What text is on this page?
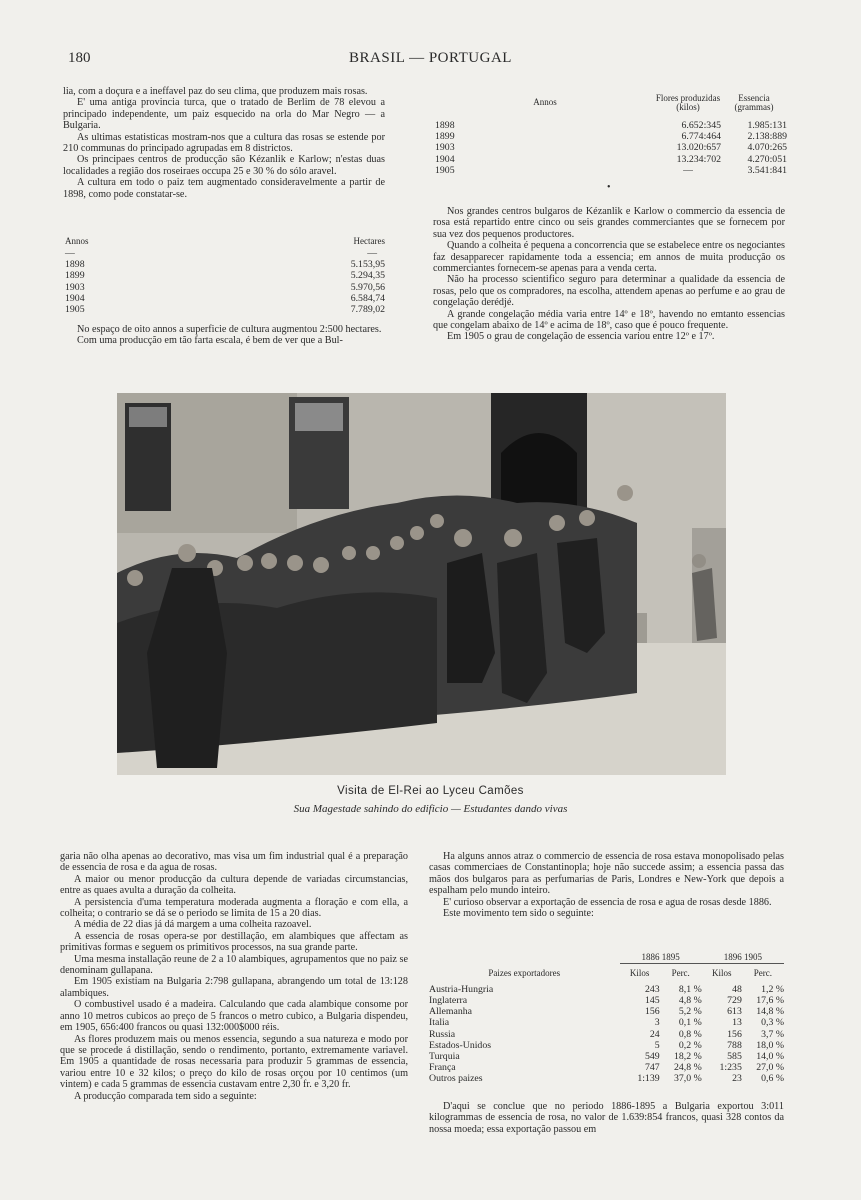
180	BRASIL — PORTUGAL

lia, com a doçura e a ineffavel paz do seu clima, que produzem mais rosas.

E' uma antiga provincia turca, que o tratado de Berlim de 78 elevou a principado independente, um paiz esquecido na orla do Mar Negro — a Bulgaria.

As ultimas estatisticas mostram-nos que a cultura das rosas se estende por 210 communas do principado agrupadas em 8 districtos.

Os principaes centros de producção são Kézanlik e Karlow; n'estas duas localidades a região dos roseiraes occupa 25 e 30 % do sólo aravel.

A cultura em todo o paiz tem augmentado consideravelmente a partir de 1898, como pode constatar-se.

Annos	Hectares
—	—
1898	5.153,95
1899	5.294,35
1903	5.970,56
1904	6.584,74
1905	7.789,02

No espaço de oito annos a superficie de cultura augmentou 2:500 hectares.

Com uma producção em tão farta escala, é bem de ver que a Bul-

Annos	Flores produzidas (kilos)	Essencia (grammas)
1898	6.652:345	1.985:131
1899	6.774:464	2.138:889
1903	13.020:657	4.070:265
1904	13.234:702	4.270:051
1905	—	3.541:841
•

Nos grandes centros bulgaros de Kézanlik e Karlow o commercio da essencia de rosa está repartido entre cinco ou seis grandes commerciantes que se fornecem por sua vez dos pequenos productores.

Quando a colheita é pequena a concorrencia que se estabelece entre os negociantes faz desapparecer rapidamente toda a essencia; em annos de muita producção os commerciantes fornecem-se apenas para a venda certa.

Não ha processo scientifico seguro para determinar a qualidade da essencia de rosas, pelo que os compradores, na escolha, attendem apenas ao perfume e ao grau de congelação derédjé.

A grande congelação média varia entre 14º e 18º, havendo no emtanto essencias que congelam abaixo de 14º e acima de 18º, caso que é pouco frequente.

Em 1905 o grau de congelação de essencia variou entre 12º e 17º.

Visita de El-Rei ao Lyceu Camões
Sua Magestade sahindo do edificio — Estudantes dando vivas

garia não olha apenas ao decorativo, mas visa um fim industrial qual é a preparação de essencia de rosa e da agua de rosas.

A maior ou menor producção da cultura depende de variadas circumstancias, entre as quaes avulta a duração da colheita.

A persistencia d'uma temperatura moderada augmenta a floração e com ella, a colheita; o contrario se dá se o periodo se limita de 15 a 20 dias.

A média de 22 dias já dá margem a uma colheita razoavel.

A essencia de rosas opera-se por destillação, em alambiques que affectam as primitivas formas e seguem os primitivos processos, na sua grande parte.

Uma mesma installação reune de 2 a 10 alambiques, agrupamentos que no paiz se denominam gullapana.

Em 1905 existiam na Bulgaria 2:798 gullapana, abrangendo um total de 13:128 alambiques.

O combustivel usado é a madeira. Calculando que cada alambique consome por anno 10 metros cubicos ao preço de 5 francos o metro cubico, a Bulgaria dispendeu, em 1905, 656:400 francos ou quasi 132:000$000 réis.

As flores produzem mais ou menos essencia, segundo a sua natureza e modo por que se procede á distillação, sendo o rendimento, portanto, extremamente variavel. Em 1905 a quantidade de rosas necessaria para produzir 5 grammas de essencia, variou entre 10 e 32 kilos; o preço do kilo de rosas orçou por 10 centimos (um vintem) e cada 5 grammas de essencia custavam entre 2,30 fr. e 3,20 fr.

A producção comparada tem sido a seguinte:

Ha alguns annos atraz o commercio de essencia de rosa estava monopolisado pelas casas commerciaes de Constantinopla; hoje não succede assim; a essencia passa das mãos dos bulgaros para as perfumarias de Paris, Londres e New-York que depois a espalham pelo mundo inteiro.

E' curioso observar a exportação de essencia de rosa e agua de rosas desde 1886.

Este movimento tem sido o seguinte:

	1886 1895		1896 1905	
Paizes exportadores	Kilos	Perc.	Kilos	Perc.
Austria-Hungria	243	8,1 %	48	1,2 %
Inglaterra	145	4,8 %	729	17,6 %
Allemanha	156	5,2 %	613	14,8 %
Italia	3	0,1 %	13	0,3 %
Russia	24	0,8 %	156	3,7 %
Estados-Unidos	5	0,2 %	788	18,0 %
Turquia	549	18,2 %	585	14,0 %
França	747	24,8 %	1:235	27,0 %
Outros paizes	1:139	37,0 %	23	0,6 %

D'aqui se conclue que no periodo 1886-1895 a Bulgaria exportou 3:011 kilogrammas de essencia de rosa, no valor de 1.639:854 francos, quasi 328 contos da nossa moeda; essa exportação passou em
